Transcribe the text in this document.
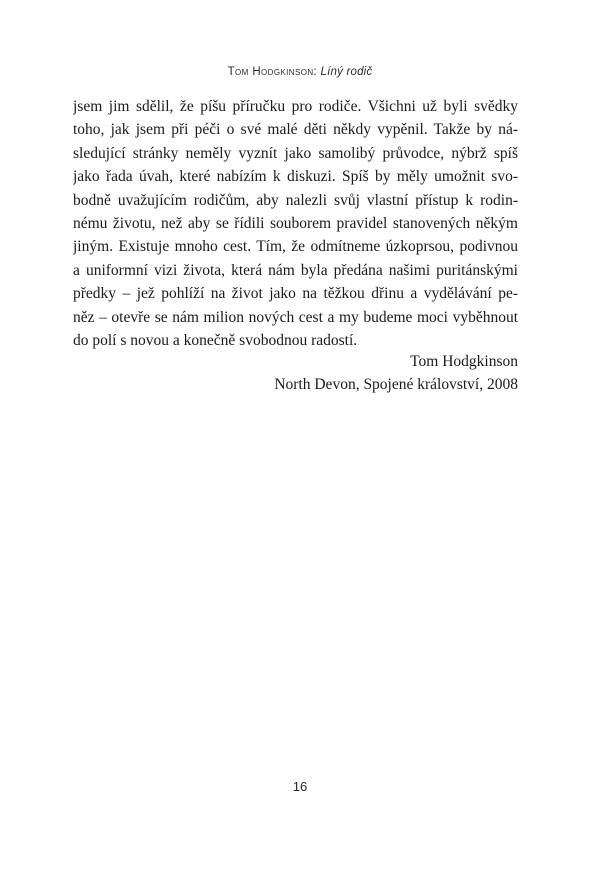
Tom Hodgkinson: Líný rodič
jsem jim sdělil, že píšu příručku pro rodiče. Všichni už byli svědky
toho, jak jsem při péči o své malé děti někdy vypěnil. Takže by ná-
sledující stránky neměly vyznít jako samolibý průvodce, nýbrž spíš
jako řada úvah, které nabízím k diskuzi. Spíš by měly umožnit svo-
bodně uvažujícím rodičům, aby nalezli svůj vlastní přístup k rodin-
nému životu, než aby se řídili souborem pravidel stanovených někým
jiným. Existuje mnoho cest. Tím, že odmítneme úzkoprsou, podivnou
a uniformní vizi života, která nám byla předána našimi puritánskými
předky – jež pohlíží na život jako na těžkou dřinu a vydělávání pe-
něz – otevře se nám milion nových cest a my budeme moci vyběhnout
do polí s novou a konečně svobodnou radostí.
Tom Hodgkinson
North Devon, Spojené království, 2008
16
